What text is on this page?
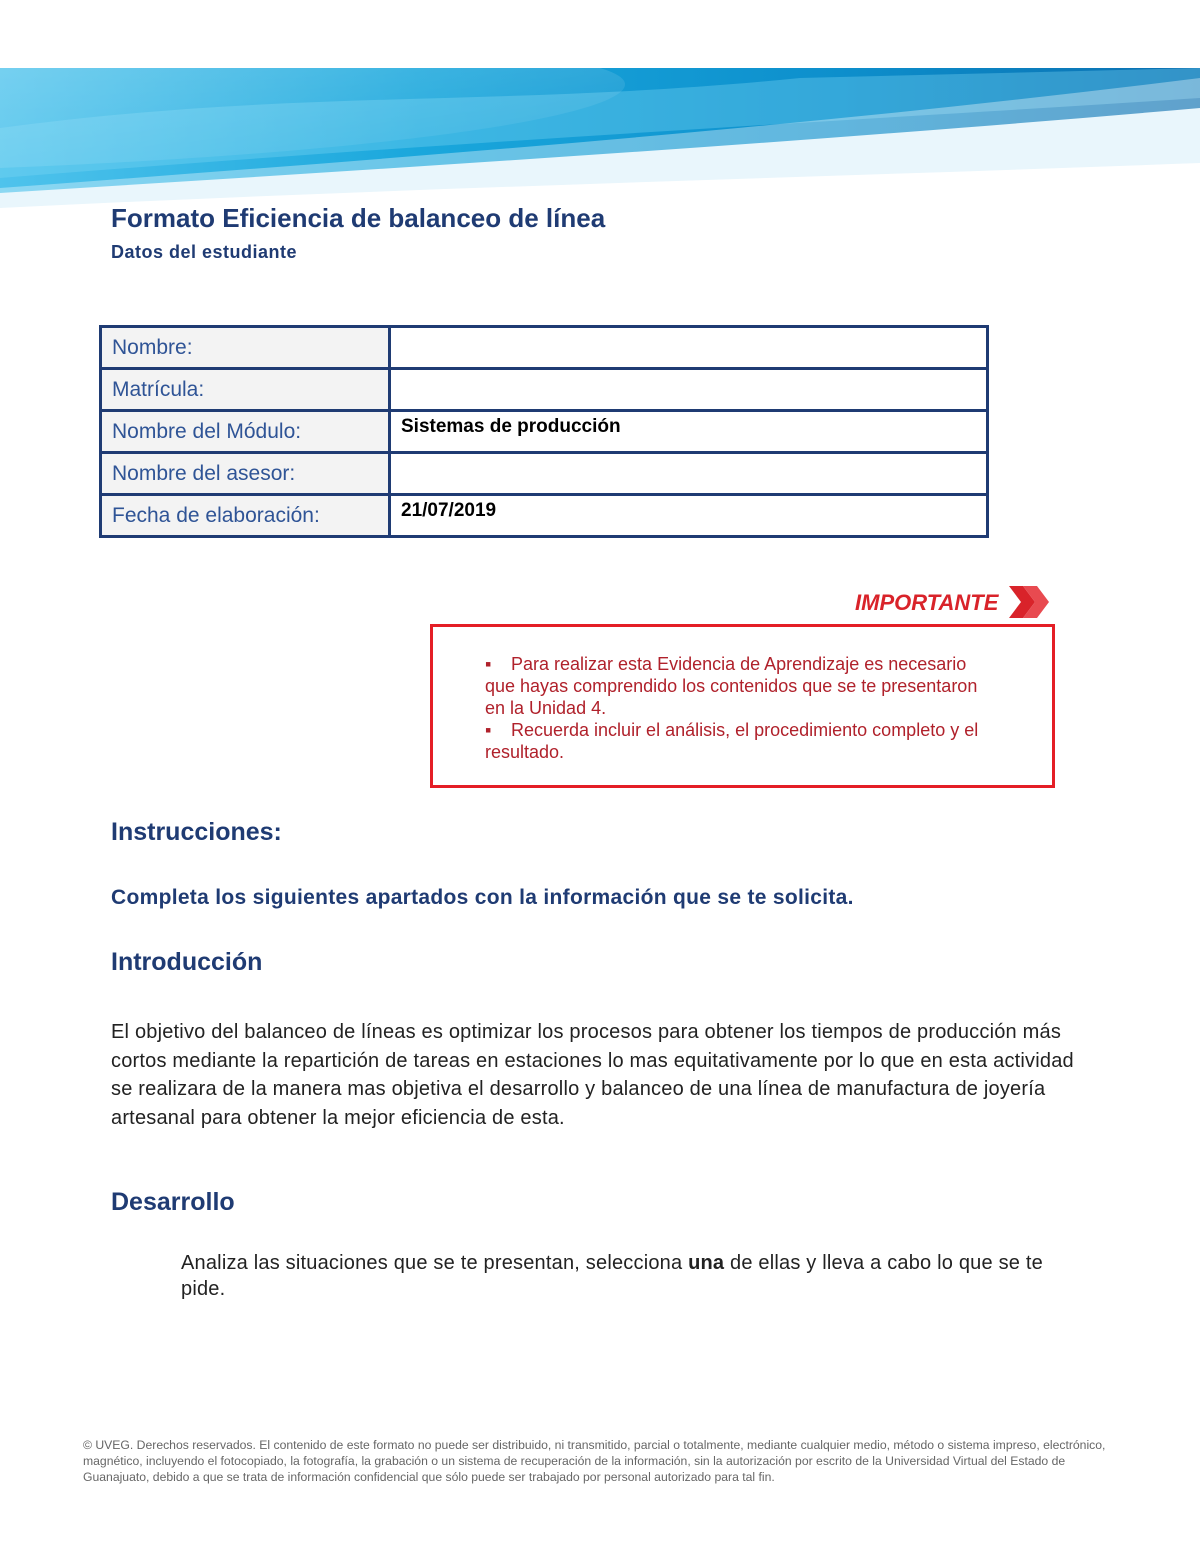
Formato Eficiencia de balanceo de línea
Datos del estudiante
Nombre:	
Matrícula:	
Nombre del Módulo:	Sistemas de producción
Nombre del asesor:	
Fecha de elaboración:	21/07/2019
IMPORTANTE
▪ Para realizar esta Evidencia de Aprendizaje es necesario que hayas comprendido los contenidos que se te presentaron en la Unidad 4.
▪ Recuerda incluir el análisis, el procedimiento completo y el resultado.
Instrucciones:
Completa los siguientes apartados con la información que se te solicita.
Introducción

El objetivo del balanceo de líneas es optimizar los procesos para obtener los tiempos de producción más cortos mediante la repartición de tareas en estaciones lo mas equitativamente por lo que en esta actividad se realizara de la manera mas objetiva el desarrollo y balanceo de una línea de manufactura de joyería artesanal para obtener la mejor eficiencia de esta.

Desarrollo

Analiza las situaciones que se te presentan, selecciona una de ellas y lleva a cabo lo que se te pide.

© UVEG. Derechos reservados. El contenido de este formato no puede ser distribuido, ni transmitido, parcial o totalmente, mediante cualquier medio, método o sistema impreso, electrónico, magnético, incluyendo el fotocopiado, la fotografía, la grabación o un sistema de recuperación de la información, sin la autorización por escrito de la Universidad Virtual del Estado de Guanajuato, debido a que se trata de información confidencial que sólo puede ser trabajado por personal autorizado para tal fin.
